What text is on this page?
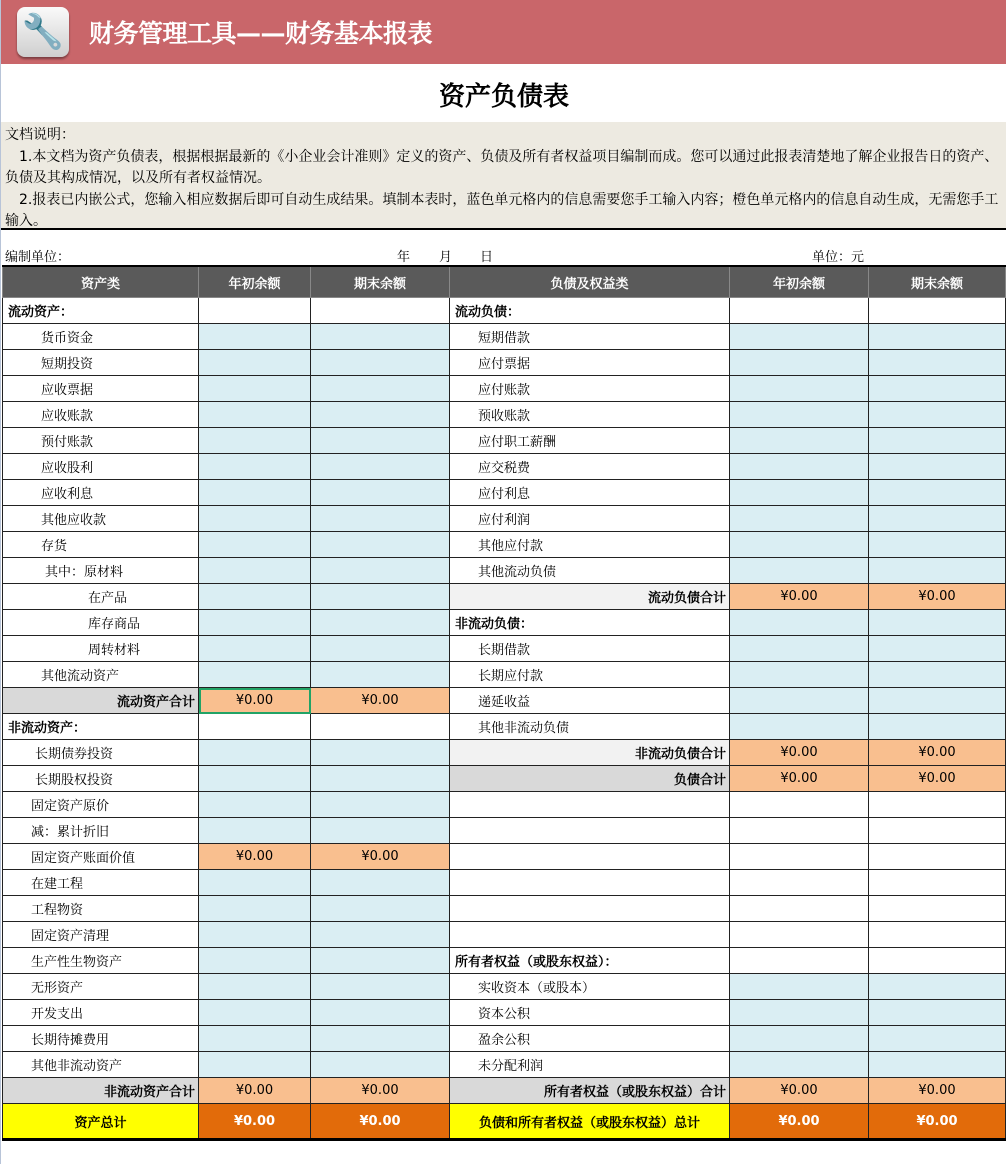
🔧 财务管理工具——财务基本报表
资产负债表
文档说明：
　1.本文档为资产负债表，根据根据最新的《小企业会计准则》定义的资产、负债及所有者权益项目编制而成。您可以通过此报表清楚地了解企业报告日的资产、负债及其构成情况，以及所有者权益情况。
　2.报表已内嵌公式，您输入相应数据后即可自动生成结果。填制本表时，蓝色单元格内的信息需要您手工输入内容；橙色单元格内的信息自动生成，无需您手工输入。
编制单位：	年 月 日	单位：元
资产类	年初余额	期末余额	负债及权益类	年初余额	期末余额
流动资产：			流动负债：		
货币资金			短期借款		
短期投资			应付票据		
应收票据			应付账款		
应收账款			预收账款		
预付账款			应付职工薪酬		
应收股利			应交税费		
应收利息			应付利息		
其他应收款			应付利润		
存货			其他应付款		
其中：原材料			其他流动负债		
在产品			流动负债合计	¥0.00	¥0.00
库存商品			非流动负债：		
周转材料			长期借款		
其他流动资产			长期应付款		
流动资产合计	¥0.00	¥0.00	递延收益		
非流动资产：			其他非流动负债		
长期债券投资			非流动负债合计	¥0.00	¥0.00
长期股权投资			负债合计	¥0.00	¥0.00
固定资产原价					
减：累计折旧					
固定资产账面价值	¥0.00	¥0.00			
在建工程					
工程物资					
固定资产清理					
生产性生物资产			所有者权益（或股东权益）：		
无形资产			实收资本（或股本）		
开发支出			资本公积		
长期待摊费用			盈余公积		
其他非流动资产			未分配利润		
非流动资产合计	¥0.00	¥0.00	所有者权益（或股东权益）合计	¥0.00	¥0.00
资产总计	¥0.00	¥0.00	负债和所有者权益（或股东权益）总计	¥0.00	¥0.00
